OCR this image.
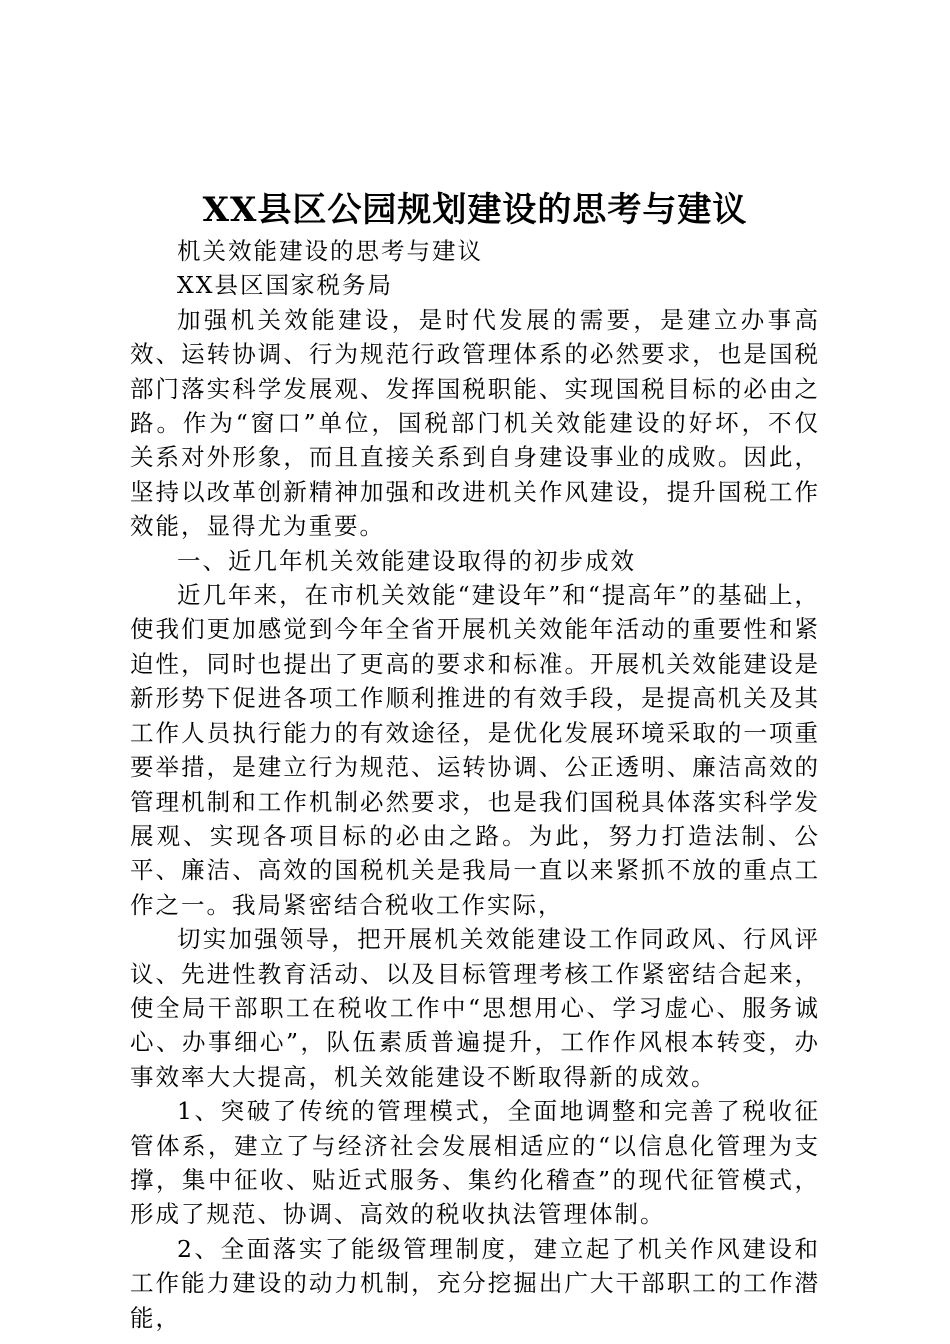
XX县区公园规划建设的思考与建议

机关效能建设的思考与建议

XX县区国家税务局

加强机关效能建设，是时代发展的需要，是建立办事高效、运转协调、行为规范行政管理体系的必然要求，也是国税部门落实科学发展观、发挥国税职能、实现国税目标的必由之路。作为“窗口”单位，国税部门机关效能建设的好坏，不仅关系对外形象，而且直接关系到自身建设事业的成败。因此，坚持以改革创新精神加强和改进机关作风建设，提升国税工作效能，显得尤为重要。

一、近几年机关效能建设取得的初步成效

近几年来，在市机关效能“建设年”和“提高年”的基础上，使我们更加感觉到今年全省开展机关效能年活动的重要性和紧迫性，同时也提出了更高的要求和标准。开展机关效能建设是新形势下促进各项工作顺利推进的有效手段，是提高机关及其工作人员执行能力的有效途径，是优化发展环境采取的一项重要举措，是建立行为规范、运转协调、公正透明、廉洁高效的管理机制和工作机制必然要求，也是我们国税具体落实科学发展观、实现各项目标的必由之路。为此，努力打造法制、公平、廉洁、高效的国税机关是我局一直以来紧抓不放的重点工作之一。我局紧密结合税收工作实际，

切实加强领导，把开展机关效能建设工作同政风、行风评议、先进性教育活动、以及目标管理考核工作紧密结合起来，使全局干部职工在税收工作中“思想用心、学习虚心、服务诚心、办事细心”，队伍素质普遍提升，工作作风根本转变，办事效率大大提高，机关效能建设不断取得新的成效。

1、突破了传统的管理模式，全面地调整和完善了税收征管体系，建立了与经济社会发展相适应的“以信息化管理为支撑，集中征收、贴近式服务、集约化稽查”的现代征管模式，形成了规范、协调、高效的税收执法管理体制。

2、全面落实了能级管理制度，建立起了机关作风建设和工作能力建设的动力机制，充分挖掘出广大干部职工的工作潜能，
